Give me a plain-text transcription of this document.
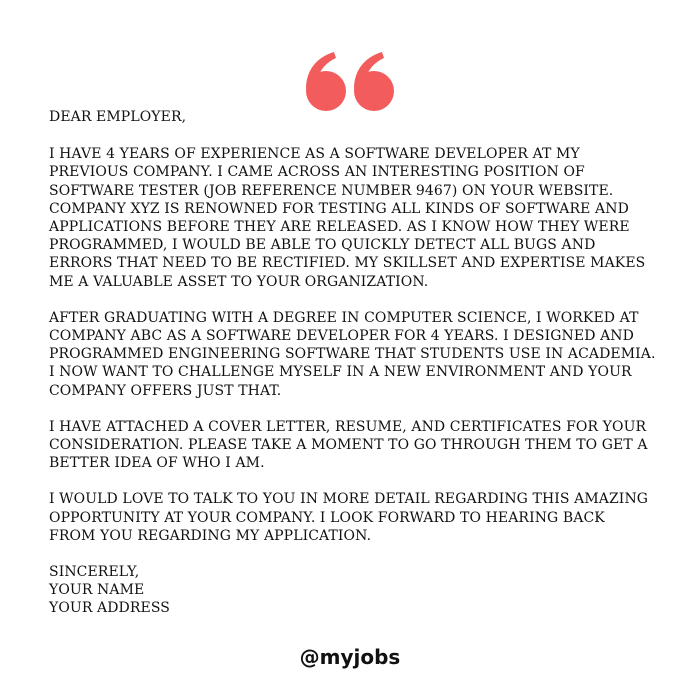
DEAR EMPLOYER,
I HAVE 4 YEARS OF EXPERIENCE AS A SOFTWARE DEVELOPER AT MY
PREVIOUS COMPANY. I CAME ACROSS AN INTERESTING POSITION OF
SOFTWARE TESTER (JOB REFERENCE NUMBER 9467) ON YOUR WEBSITE.
COMPANY XYZ IS RENOWNED FOR TESTING ALL KINDS OF SOFTWARE AND
APPLICATIONS BEFORE THEY ARE RELEASED. AS I KNOW HOW THEY WERE
PROGRAMMED, I WOULD BE ABLE TO QUICKLY DETECT ALL BUGS AND
ERRORS THAT NEED TO BE RECTIFIED. MY SKILLSET AND EXPERTISE MAKES
ME A VALUABLE ASSET TO YOUR ORGANIZATION.
AFTER GRADUATING WITH A DEGREE IN COMPUTER SCIENCE, I WORKED AT
COMPANY ABC AS A SOFTWARE DEVELOPER FOR 4 YEARS. I DESIGNED AND
PROGRAMMED ENGINEERING SOFTWARE THAT STUDENTS USE IN ACADEMIA.
I NOW WANT TO CHALLENGE MYSELF IN A NEW ENVIRONMENT AND YOUR
COMPANY OFFERS JUST THAT.
I HAVE ATTACHED A COVER LETTER, RESUME, AND CERTIFICATES FOR YOUR
CONSIDERATION. PLEASE TAKE A MOMENT TO GO THROUGH THEM TO GET A
BETTER IDEA OF WHO I AM.
I WOULD LOVE TO TALK TO YOU IN MORE DETAIL REGARDING THIS AMAZING
OPPORTUNITY AT YOUR COMPANY. I LOOK FORWARD TO HEARING BACK
FROM YOU REGARDING MY APPLICATION.
SINCERELY,
YOUR NAME
YOUR ADDRESS
@myjobs
